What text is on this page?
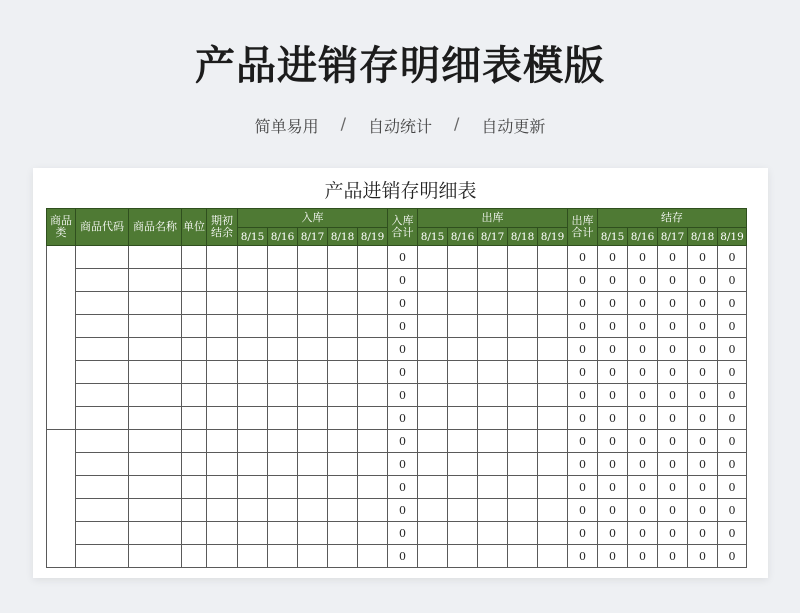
产品进销存明细表模版
简单易用 / 自动统计 / 自动更新
产品进销存明细表
商品类	商品代码	商品名称	单位	期初结余	入库					入库合计	出库					出库合计	结存				
					8/15	8/16	8/17	8/18	8/19		8/15	8/16	8/17	8/18	8/19		8/15	8/16	8/17	8/18	8/19
										0						0	0	0	0	0	0
										0						0	0	0	0	0	0
										0						0	0	0	0	0	0
										0						0	0	0	0	0	0
										0						0	0	0	0	0	0
										0						0	0	0	0	0	0
										0						0	0	0	0	0	0
										0						0	0	0	0	0	0
										0						0	0	0	0	0	0
										0						0	0	0	0	0	0
										0						0	0	0	0	0	0
										0						0	0	0	0	0	0
										0						0	0	0	0	0	0
										0						0	0	0	0	0	0
